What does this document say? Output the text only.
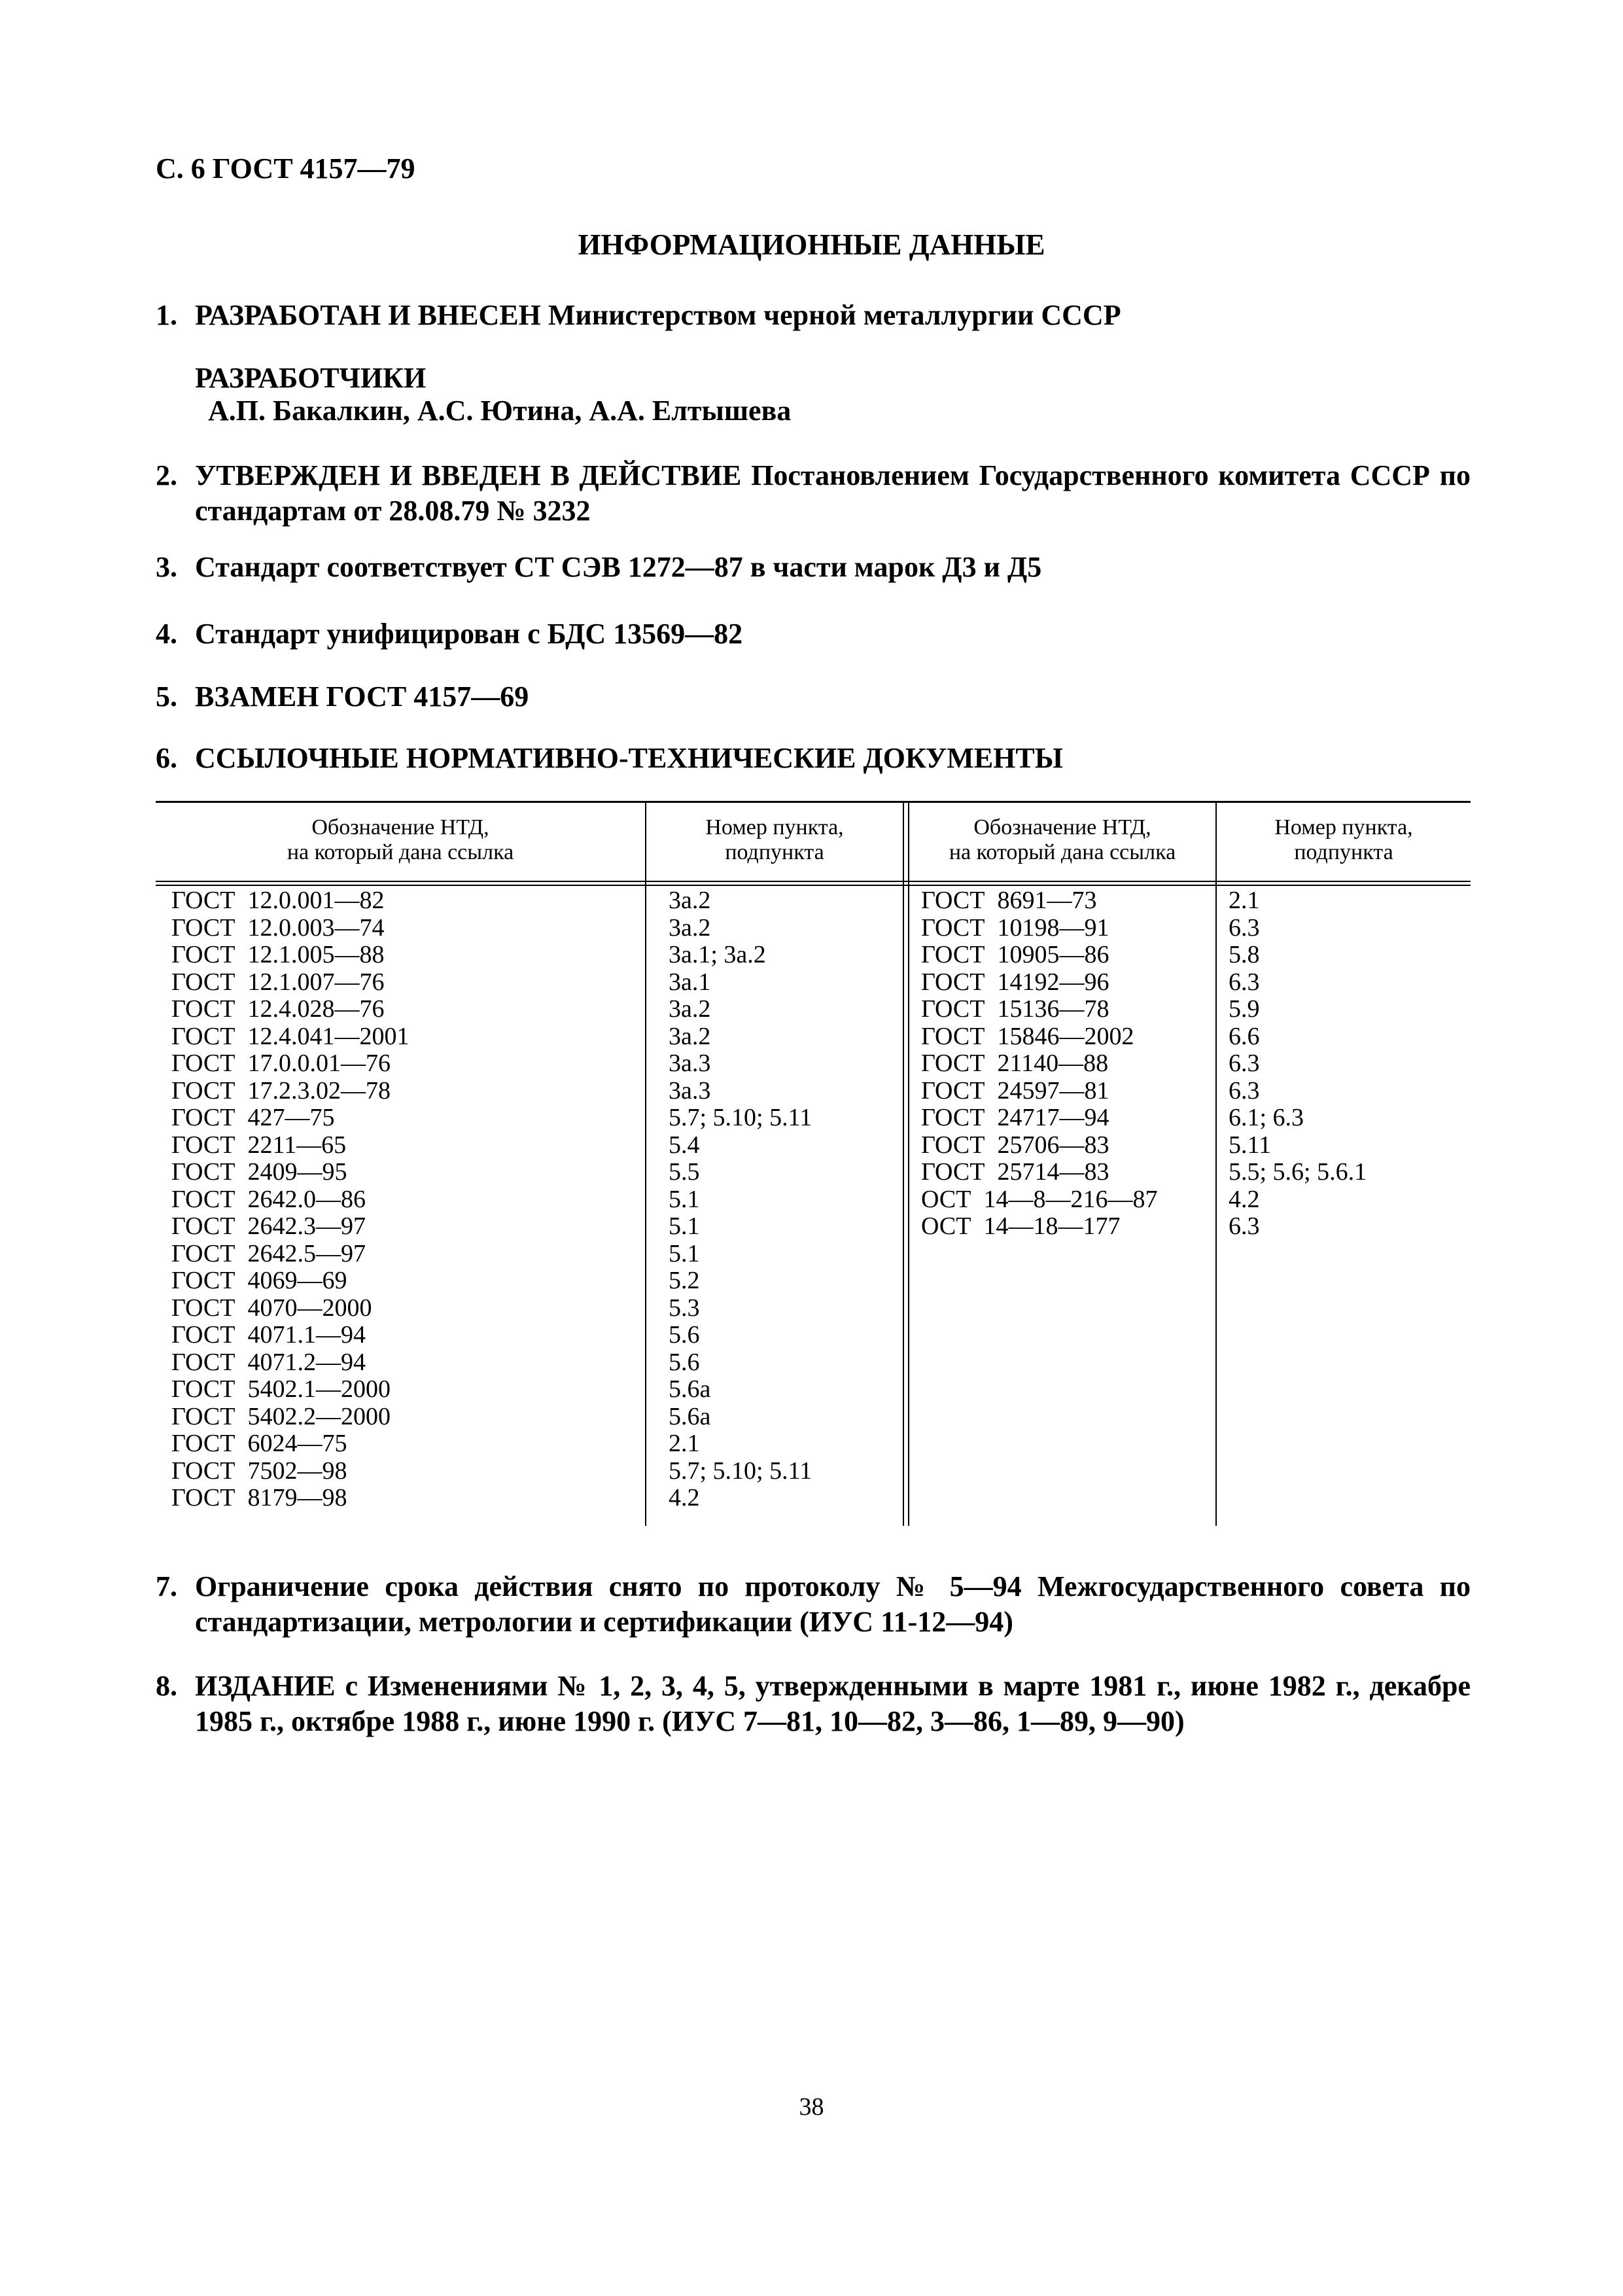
С. 6 ГОСТ 4157—79
ИНФОРМАЦИОННЫЕ ДАННЫЕ
1. РАЗРАБОТАН И ВНЕСЕН Министерством черной металлургии СССР
РАЗРАБОТЧИКИ
А.П. Бакалкин, А.С. Ютина, А.А. Елтышева
2. УТВЕРЖДЕН И ВВЕДЕН В ДЕЙСТВИЕ Постановлением Государственного комитета СССР по стандартам от 28.08.79 № 3232
3. Стандарт соответствует СТ СЭВ 1272—87 в части марок Д3 и Д5
4. Стандарт унифицирован с БДС 13569—82
5. ВЗАМЕН ГОСТ 4157—69
6. ССЫЛОЧНЫЕ НОРМАТИВНО-ТЕХНИЧЕСКИЕ ДОКУМЕНТЫ
Обозначение НТД,
на который дана ссылка
Номер пункта,
подпункта
Обозначение НТД,
на который дана ссылка
Номер пункта,
подпункта
ГОСТ  12.0.001—82
ГОСТ  12.0.003—74
ГОСТ  12.1.005—88
ГОСТ  12.1.007—76
ГОСТ  12.4.028—76
ГОСТ  12.4.041—2001
ГОСТ  17.0.0.01—76
ГОСТ  17.2.3.02—78
ГОСТ  427—75
ГОСТ  2211—65
ГОСТ  2409—95
ГОСТ  2642.0—86
ГОСТ  2642.3—97
ГОСТ  2642.5—97
ГОСТ  4069—69
ГОСТ  4070—2000
ГОСТ  4071.1—94
ГОСТ  4071.2—94
ГОСТ  5402.1—2000
ГОСТ  5402.2—2000
ГОСТ  6024—75
ГОСТ  7502—98
ГОСТ  8179—98
3а.2
3а.2
3а.1; 3а.2
3а.1
3а.2
3а.2
3а.3
3а.3
5.7; 5.10; 5.11
5.4
5.5
5.1
5.1
5.1
5.2
5.3
5.6
5.6
5.6а
5.6а
2.1
5.7; 5.10; 5.11
4.2
ГОСТ  8691—73
ГОСТ  10198—91
ГОСТ  10905—86
ГОСТ  14192—96
ГОСТ  15136—78
ГОСТ  15846—2002
ГОСТ  21140—88
ГОСТ  24597—81
ГОСТ  24717—94
ГОСТ  25706—83
ГОСТ  25714—83
ОСТ  14—8—216—87
ОСТ  14—18—177
2.1
6.3
5.8
6.3
5.9
6.6
6.3
6.3
6.1; 6.3
5.11
5.5; 5.6; 5.6.1
4.2
6.3
7. Ограничение срока действия снято по протоколу № 5—94 Межгосударственного совета по стандартизации, метрологии и сертификации (ИУС 11-12—94)
8. ИЗДАНИЕ с Изменениями № 1, 2, 3, 4, 5, утвержденными в марте 1981 г., июне 1982 г., декабре 1985 г., октябре 1988 г., июне 1990 г. (ИУС 7—81, 10—82, 3—86, 1—89, 9—90)
38
